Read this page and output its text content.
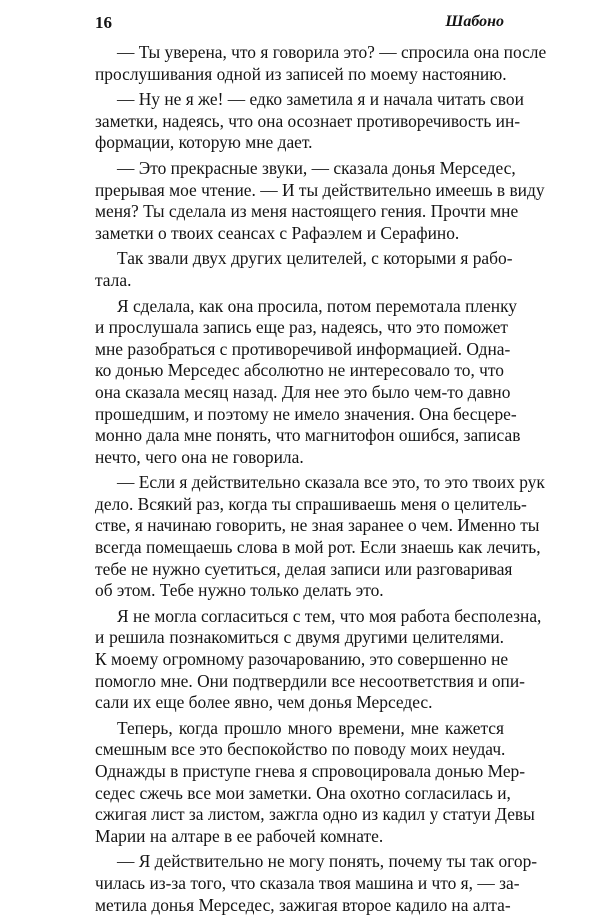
16	Шабоно
— Ты уверена, что я говорила это? — спросила она после
прослушивания одной из записей по моему настоянию.
— Ну не я же! — едко заметила я и начала читать свои
заметки, надеясь, что она осознает противоречивость ин-
формации, которую мне дает.
— Это прекрасные звуки, — сказала донья Мерседес,
прерывая мое чтение. — И ты действительно имеешь в виду
меня? Ты сделала из меня настоящего гения. Прочти мне
заметки о твоих сеансах с Рафаэлем и Серафино.
Так звали двух других целителей, с которыми я рабо-
тала.
Я сделала, как она просила, потом перемотала пленку
и прослушала запись еще раз, надеясь, что это поможет
мне разобраться с противоречивой информацией. Одна-
ко донью Мерседес абсолютно не интересовало то, что
она сказала месяц назад. Для нее это было чем-то давно
прошедшим, и поэтому не имело значения. Она бесцере-
монно дала мне понять, что магнитофон ошибся, записав
нечто, чего она не говорила.
— Если я действительно сказала все это, то это твоих рук
дело. Всякий раз, когда ты спрашиваешь меня о целитель-
стве, я начинаю говорить, не зная заранее о чем. Именно ты
всегда помещаешь слова в мой рот. Если знаешь как лечить,
тебе не нужно суетиться, делая записи или разговаривая
об этом. Тебе нужно только делать это.
Я не могла согласиться с тем, что моя работа бесполезна,
и решила познакомиться с двумя другими целителями.
К моему огромному разочарованию, это совершенно не
помогло мне. Они подтвердили все несоответствия и опи-
сали их еще более явно, чем донья Мерседес.
Теперь, когда прошло много времени, мне кажется
смешным все это беспокойство по поводу моих неудач.
Однажды в приступе гнева я спровоцировала донью Мер-
седес сжечь все мои заметки. Она охотно согласилась и,
сжигая лист за листом, зажгла одно из кадил у статуи Девы
Марии на алтаре в ее рабочей комнате.
— Я действительно не могу понять, почему ты так огор-
чилась из-за того, что сказала твоя машина и что я, — за-
метила донья Мерседес, зажигая второе кадило на алта-
